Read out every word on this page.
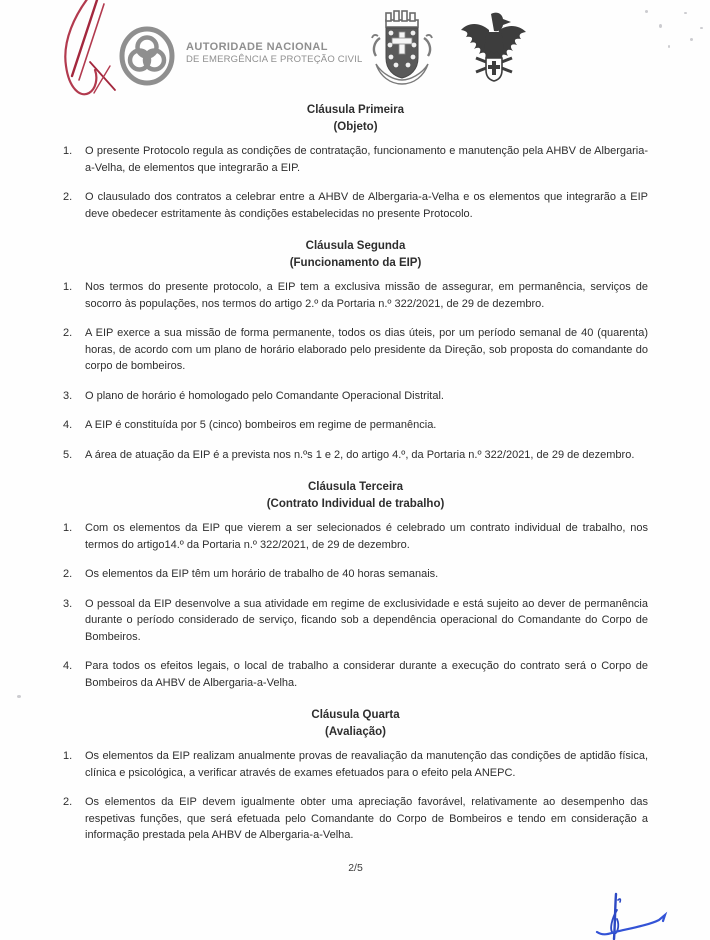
AUTORIDADE NACIONAL
DE EMERGÊNCIA E PROTEÇÃO CIVIL
Cláusula Primeira
(Objeto)
O presente Protocolo regula as condições de contratação, funcionamento e manutenção pela AHBV de Albergaria-a-Velha, de elementos que integrarão a EIP.
O clausulado dos contratos a celebrar entre a AHBV de Albergaria-a-Velha e os elementos que integrarão a EIP deve obedecer estritamente às condições estabelecidas no presente Protocolo.
Cláusula Segunda
(Funcionamento da EIP)
Nos termos do presente protocolo, a EIP tem a exclusiva missão de assegurar, em permanência, serviços de socorro às populações, nos termos do artigo 2.º da Portaria n.º 322/2021, de 29 de dezembro.
A EIP exerce a sua missão de forma permanente, todos os dias úteis, por um período semanal de 40 (quarenta) horas, de acordo com um plano de horário elaborado pelo presidente da Direção, sob proposta do comandante do corpo de bombeiros.
O plano de horário é homologado pelo Comandante Operacional Distrital.
A EIP é constituída por 5 (cinco) bombeiros em regime de permanência.
A área de atuação da EIP é a prevista nos n.ºs 1 e 2, do artigo 4.º, da Portaria n.º 322/2021, de 29 de dezembro.
Cláusula Terceira
(Contrato Individual de trabalho)
Com os elementos da EIP que vierem a ser selecionados é celebrado um contrato individual de trabalho, nos termos do artigo14.º da Portaria n.º 322/2021, de 29 de dezembro.
Os elementos da EIP têm um horário de trabalho de 40 horas semanais.
O pessoal da EIP desenvolve a sua atividade em regime de exclusividade e está sujeito ao dever de permanência durante o período considerado de serviço, ficando sob a dependência operacional do Comandante do Corpo de Bombeiros.
Para todos os efeitos legais, o local de trabalho a considerar durante a execução do contrato será o Corpo de Bombeiros da AHBV de Albergaria-a-Velha.
Cláusula Quarta
(Avaliação)
Os elementos da EIP realizam anualmente provas de reavaliação da manutenção das condições de aptidão física, clínica e psicológica, a verificar através de exames efetuados para o efeito pela ANEPC.
Os elementos da EIP devem igualmente obter uma apreciação favorável, relativamente ao desempenho das respetivas funções, que será efetuada pelo Comandante do Corpo de Bombeiros e tendo em consideração a informação prestada pela AHBV de Albergaria-a-Velha.
2/5
